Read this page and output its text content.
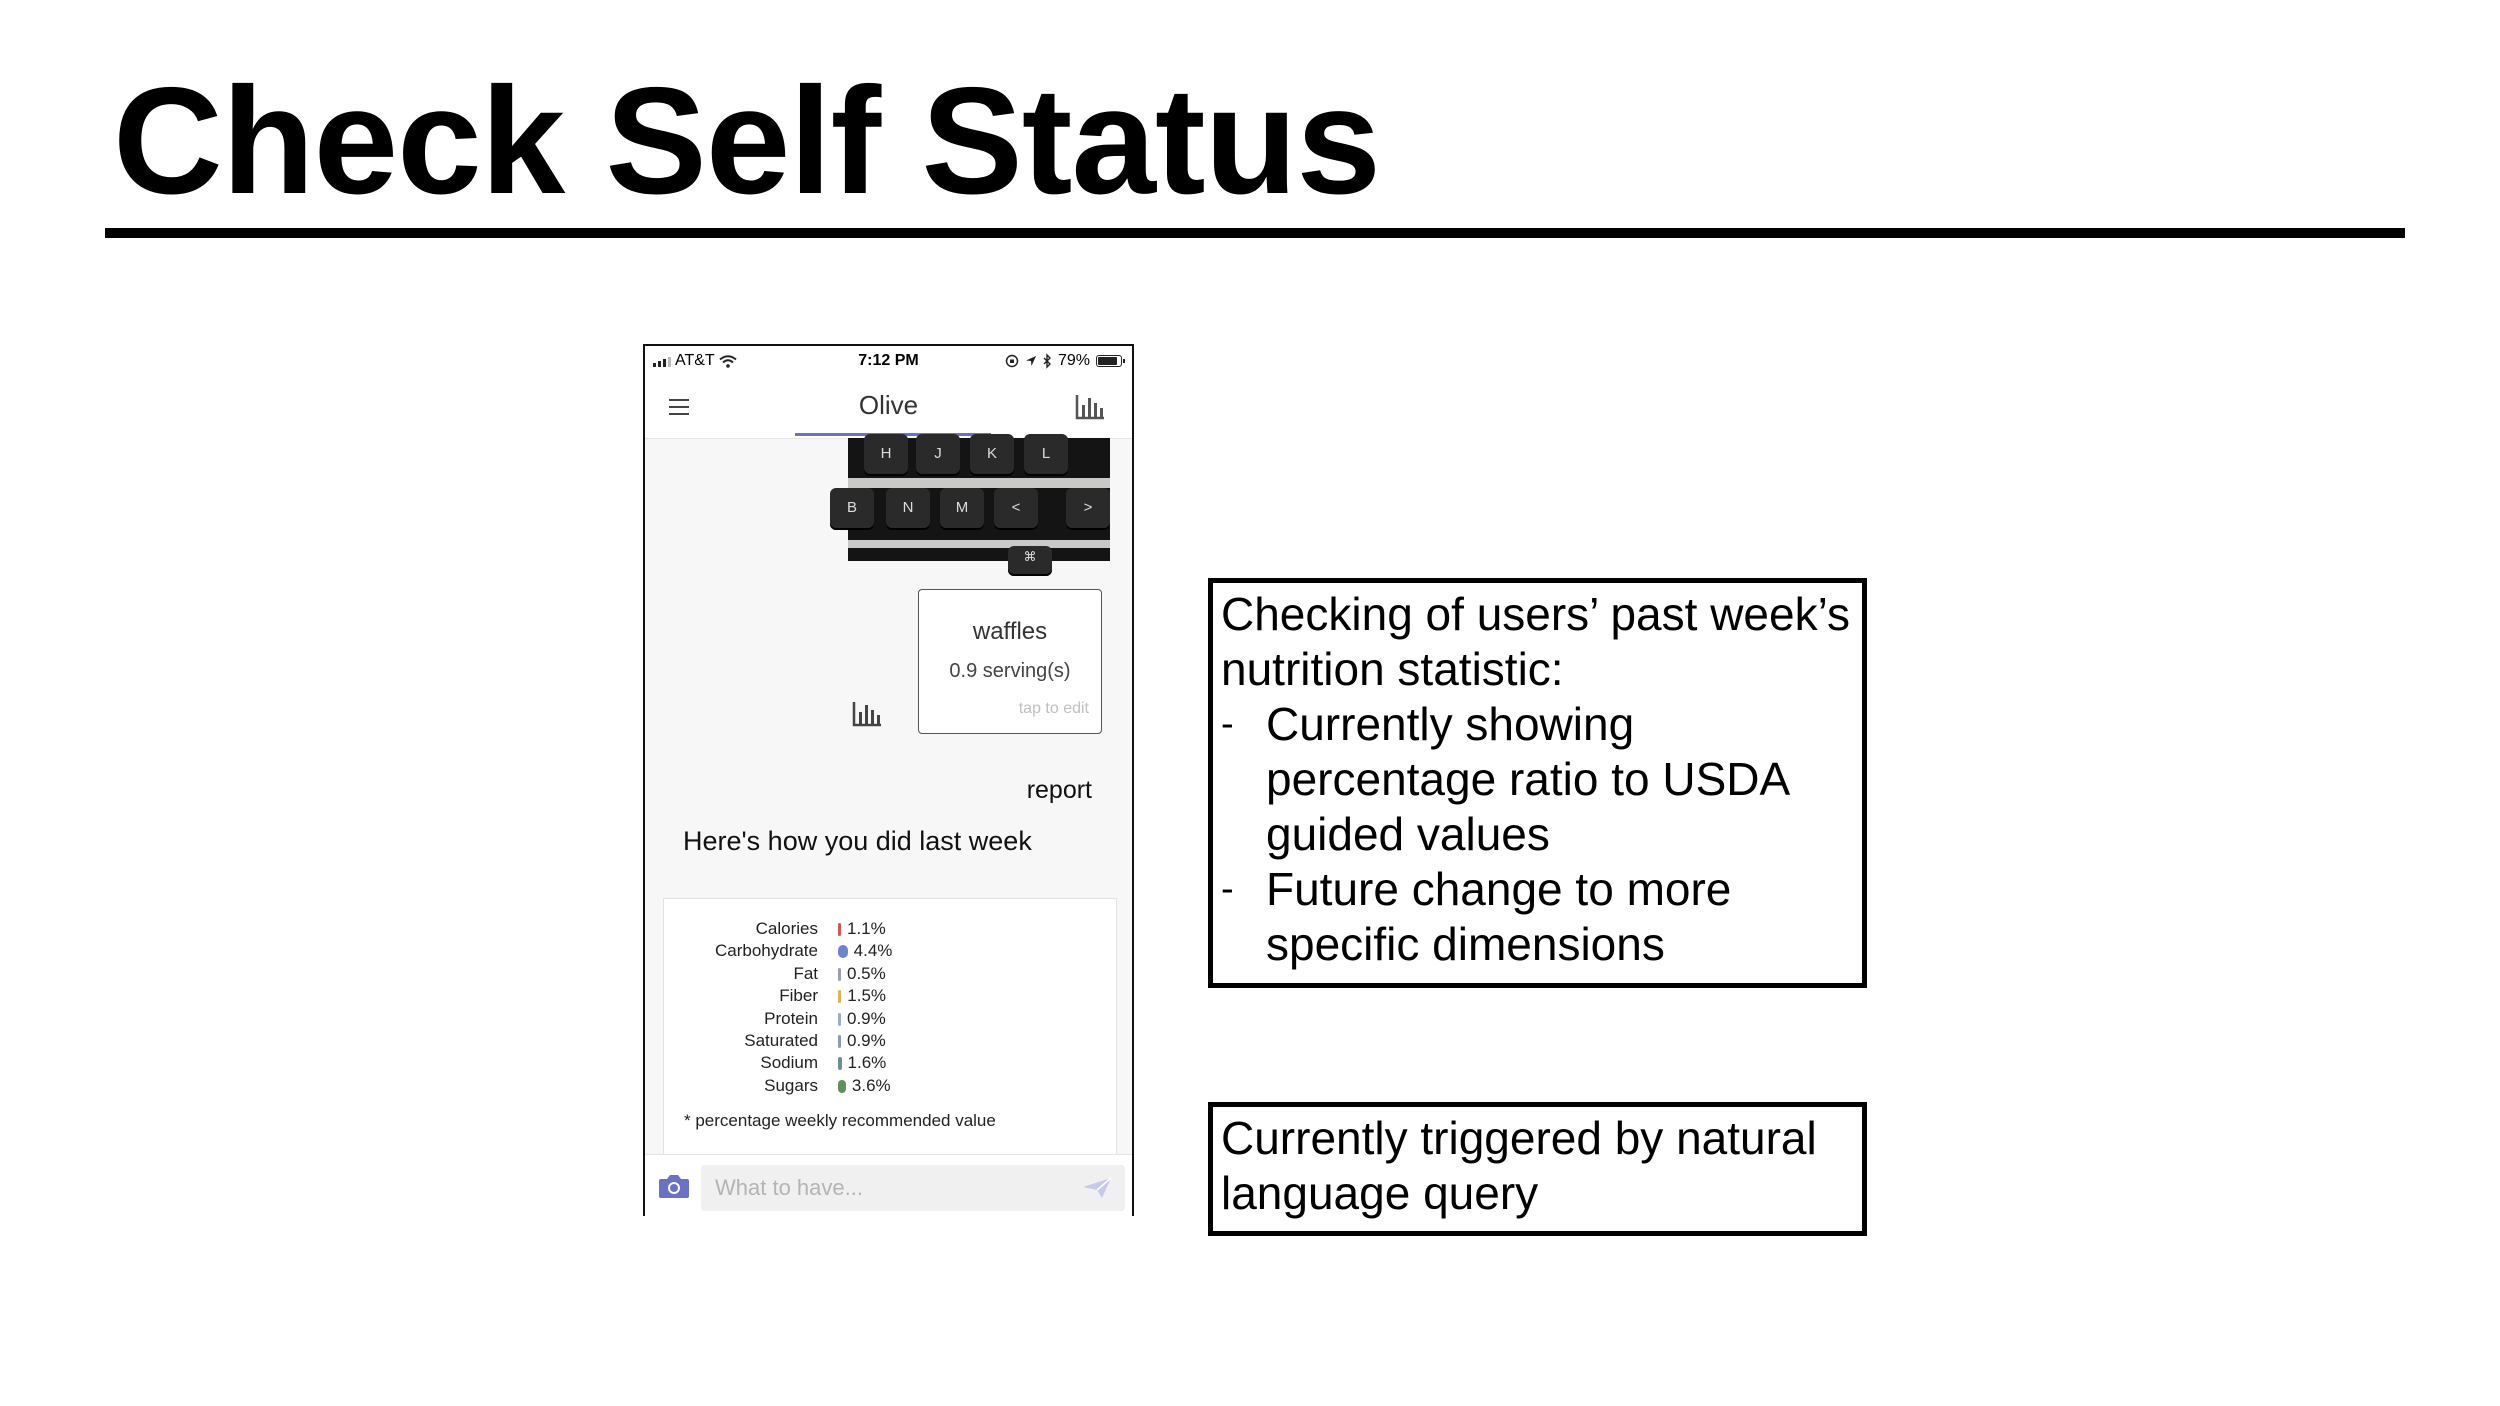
Check Self Status
AT&T	7:12 PM	79%
Olive
H	J	K	L
B	N	M	<	>
⌘
waffles
0.9 serving(s)
tap to edit
report
Here's how you did last week
* percentage weekly recommended value
Calories 1.1%
Carbohydrate 4.4%
Fat 0.5%
Fiber 1.5%
Protein 0.9%
Saturated 0.9%
Sodium 1.6%
Sugars 3.6%
What to have...
Checking of users’ past week’s
nutrition statistic:
- Currently showing
percentage ratio to USDA
guided values
- Future change to more
specific dimensions
Currently triggered by natural
language query
